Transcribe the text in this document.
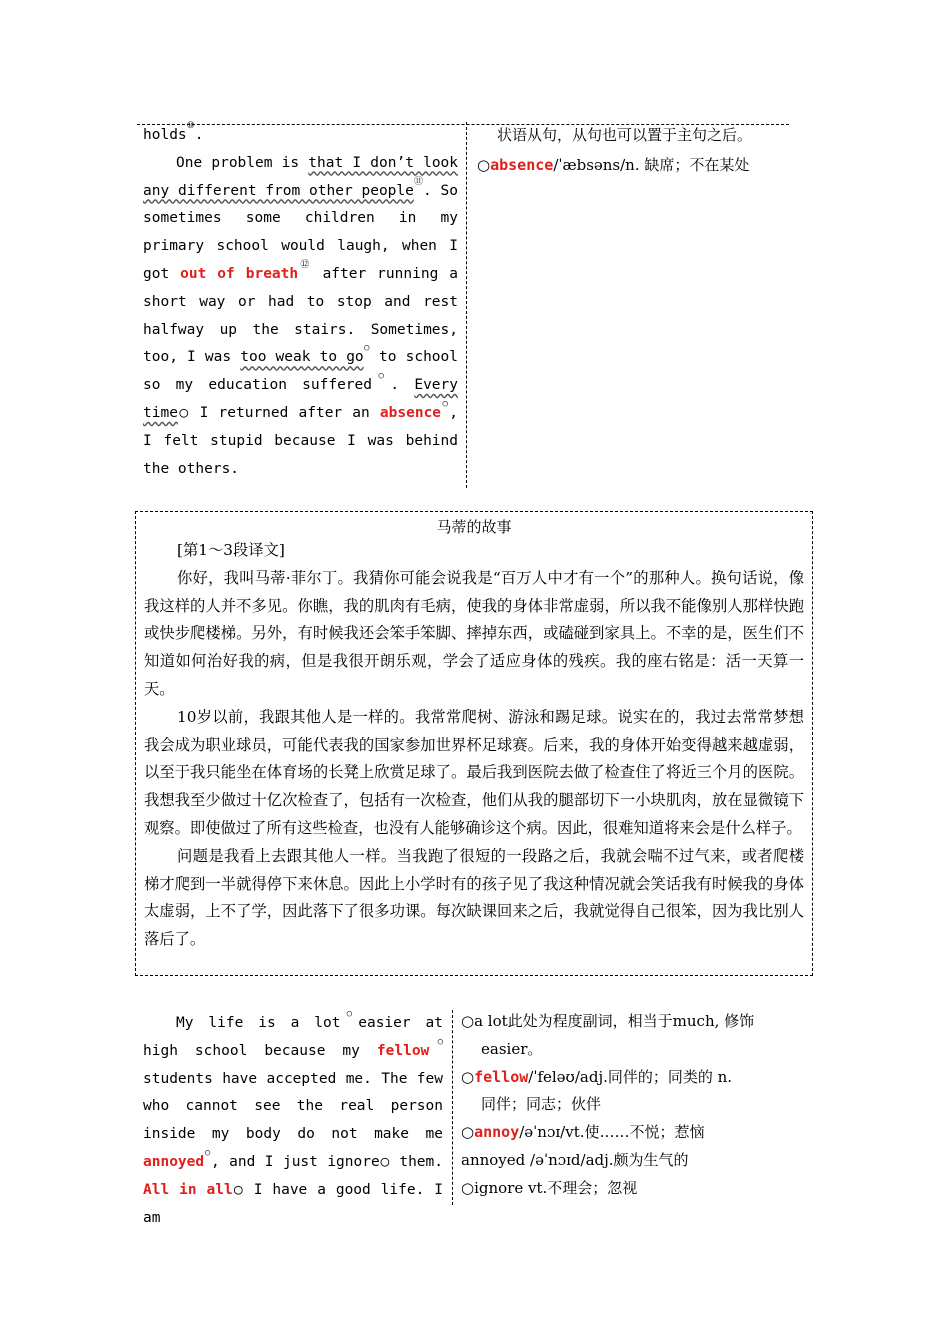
holds⑩.

One problem is that I don’t look any different from other people⑪. So sometimes some children in my primary school would laugh, when I got out of breath⑫ after running a short way or had to stop and rest halfway up the stairs. Sometimes, too, I was too weak to go○ to school so my education suffered○. Every time○ I returned after an absence○, I felt stupid because I was behind the others.

状语从句，从句也可以置于主句之后。
○absence/ˈæbsəns/n. 缺席；不在某处
马蒂的故事

[第1～3段译文]

你好，我叫马蒂·菲尔丁。我猜你可能会说我是“百万人中才有一个”的那种人。换句话说，像我这样的人并不多见。你瞧，我的肌肉有毛病，使我的身体非常虚弱，所以我不能像别人那样快跑或快步爬楼梯。另外，有时候我还会笨手笨脚、摔掉东西，或磕碰到家具上。不幸的是，医生们不知道如何治好我的病，但是我很开朗乐观，学会了适应身体的残疾。我的座右铭是：活一天算一天。

10岁以前，我跟其他人是一样的。我常常爬树、游泳和踢足球。说实在的，我过去常常梦想我会成为职业球员，可能代表我的国家参加世界杯足球赛。后来，我的身体开始变得越来越虚弱，以至于我只能坐在体育场的长凳上欣赏足球了。最后我到医院去做了检查住了将近三个月的医院。我想我至少做过十亿次检查了，包括有一次检查，他们从我的腿部切下一小块肌肉，放在显微镜下观察。即使做过了所有这些检查，也没有人能够确诊这个病。因此，很难知道将来会是什么样子。

问题是我看上去跟其他人一样。当我跑了很短的一段路之后，我就会喘不过气来，或者爬楼梯才爬到一半就得停下来休息。因此上小学时有的孩子见了我这种情况就会笑话我有时候我的身体太虚弱，上不了学，因此落下了很多功课。每次缺课回来之后，我就觉得自己很笨，因为我比别人落后了。

My life is a lot○easier at high school because my fellow○ students have accepted me. The few who cannot see the real person inside my body do not make me annoyed○, and I just ignore○ them. All in all○ I have a good life. I am

○a lot此处为程度副词，相当于much, 修饰
easier。
○fellow/ˈfeləʊ/adj.同伴的；同类的 n.
同伴；同志；伙伴
○annoy/əˈnɔɪ/vt.使……不悦；惹恼
annoyed /əˈnɔɪd/adj.颇为生气的
○ignore vt.不理会；忽视
